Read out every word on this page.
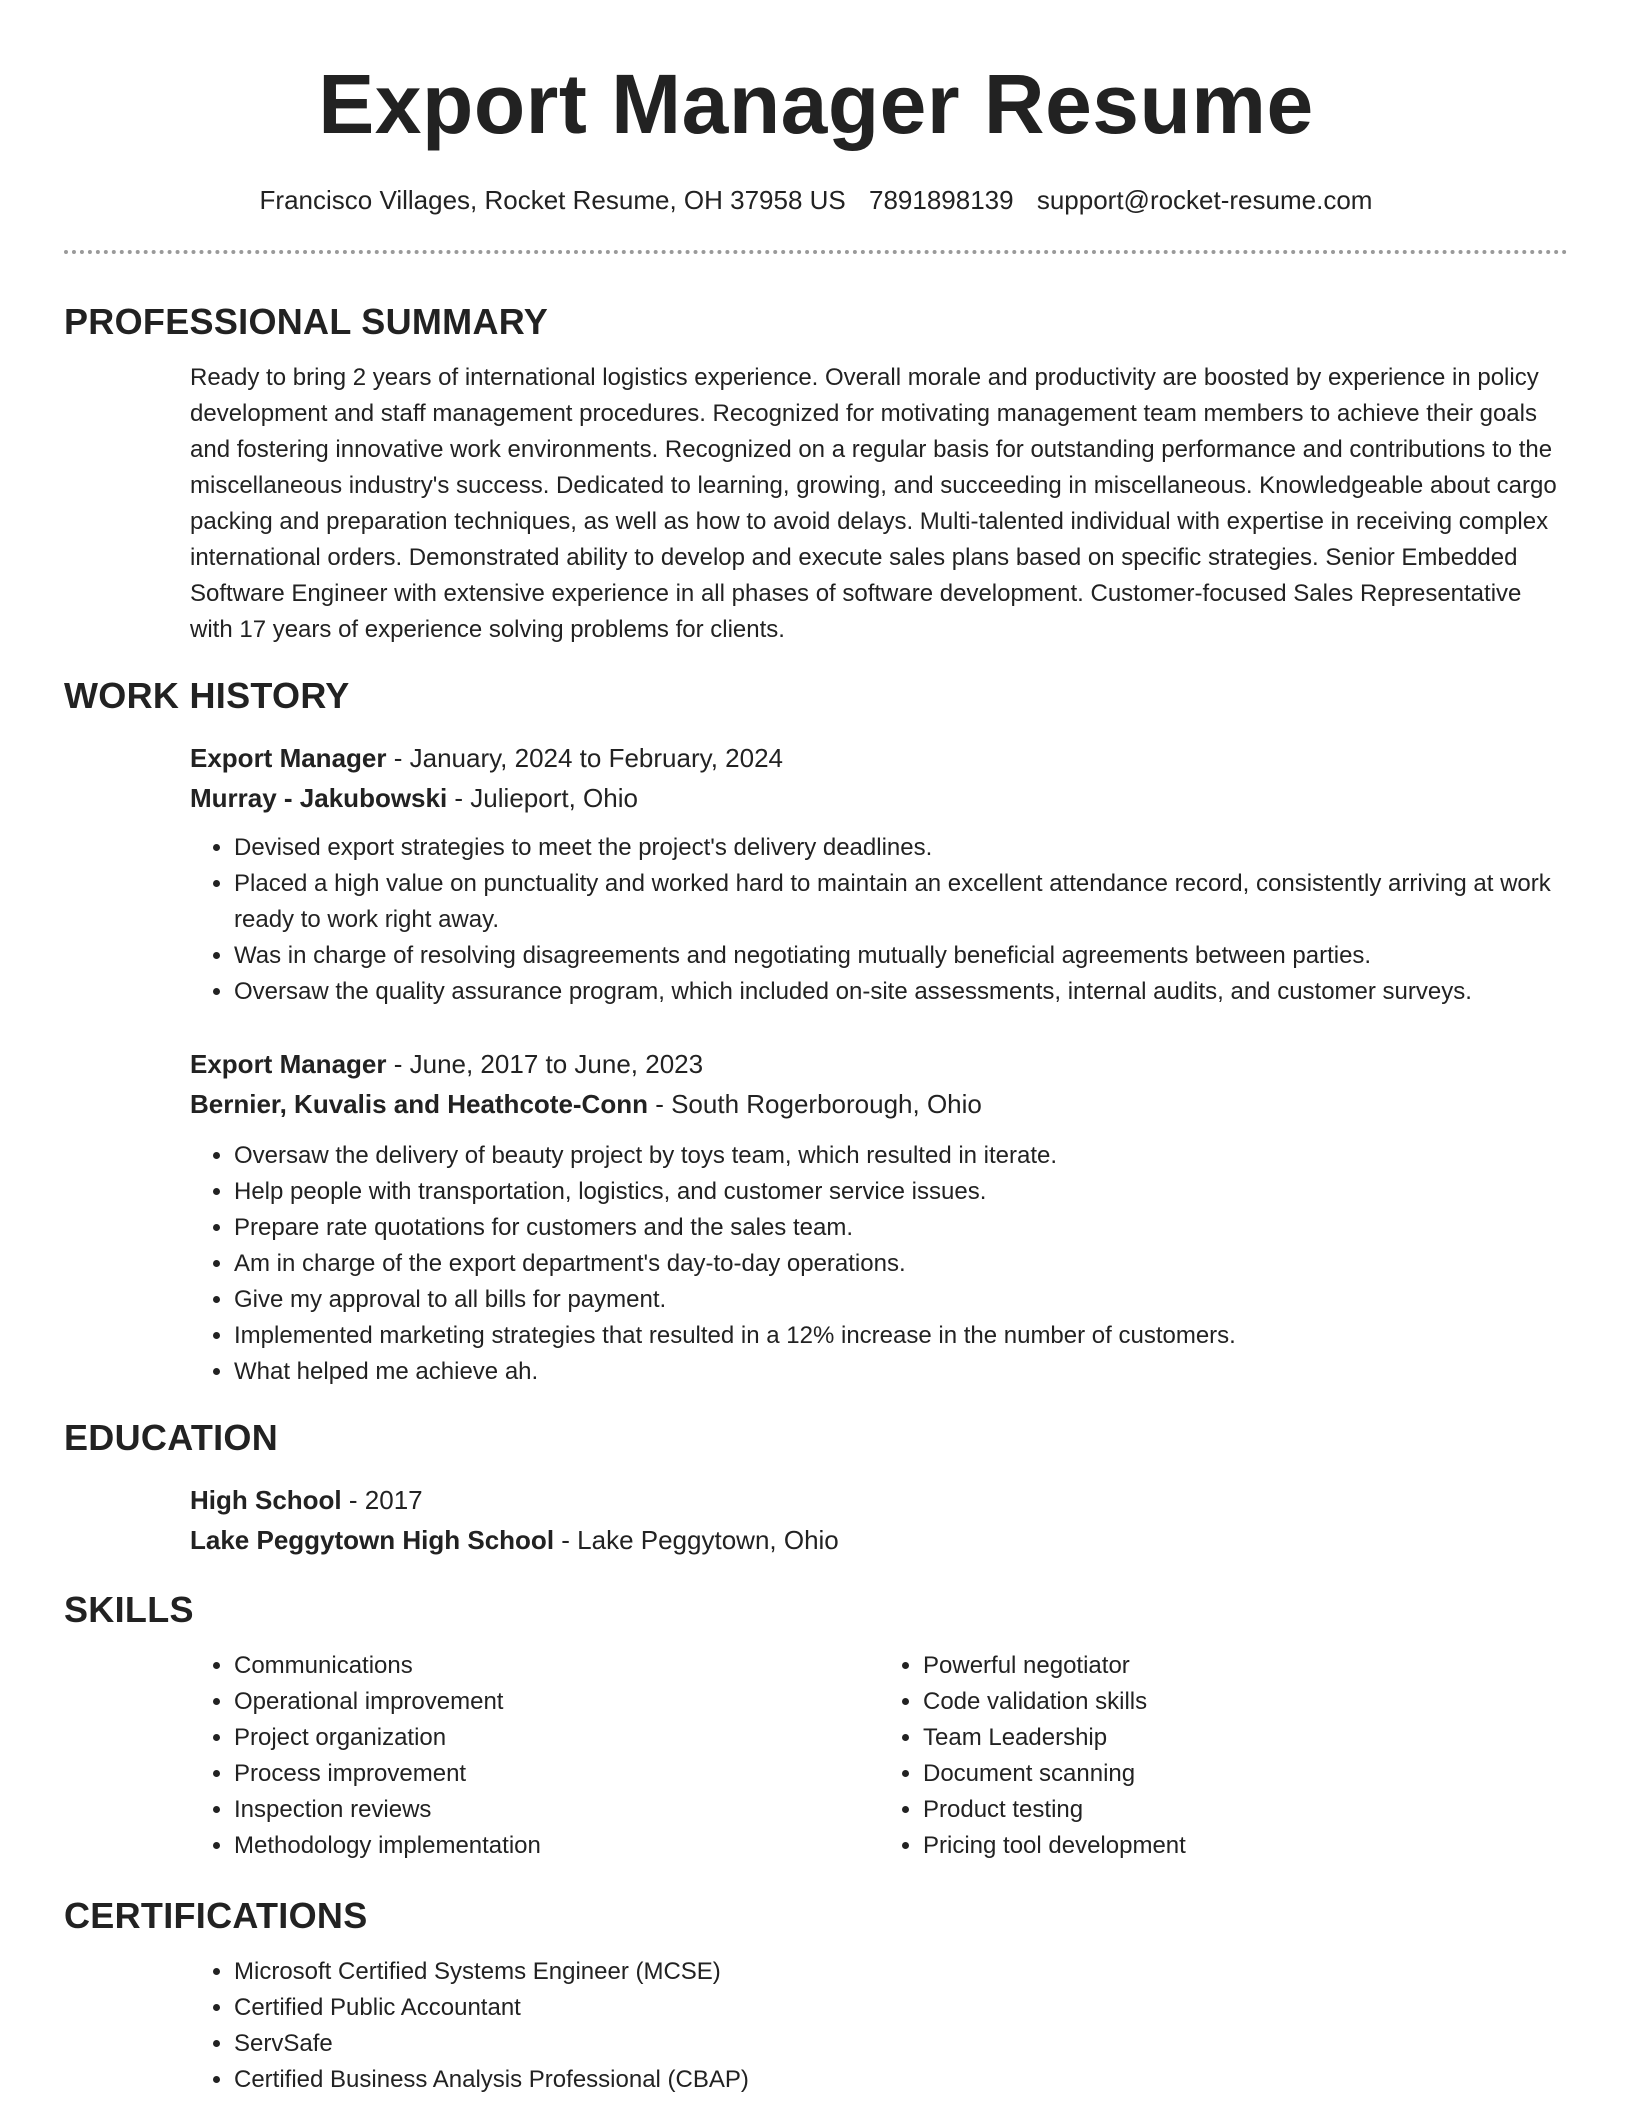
Export Manager Resume
Francisco Villages, Rocket Resume, OH 37958 US 7891898139 support@rocket-resume.com
PROFESSIONAL SUMMARY

Ready to bring 2 years of international logistics experience. Overall morale and productivity are boosted by experience in policy development and staff management procedures. Recognized for motivating management team members to achieve their goals and fostering innovative work environments. Recognized on a regular basis for outstanding performance and contributions to the miscellaneous industry's success. Dedicated to learning, growing, and succeeding in miscellaneous. Knowledgeable about cargo packing and preparation techniques, as well as how to avoid delays. Multi-talented individual with expertise in receiving complex international orders. Demonstrated ability to develop and execute sales plans based on specific strategies. Senior Embedded Software Engineer with extensive experience in all phases of software development. Customer-focused Sales Representative with 17 years of experience solving problems for clients.

WORK HISTORY
Export Manager - January, 2024 to February, 2024
Murray - Jakubowski - Julieport, Ohio
• Devised export strategies to meet the project's delivery deadlines.
• Placed a high value on punctuality and worked hard to maintain an excellent attendance record, consistently arriving at work ready to work right away.
• Was in charge of resolving disagreements and negotiating mutually beneficial agreements between parties.
• Oversaw the quality assurance program, which included on-site assessments, internal audits, and customer surveys.
Export Manager - June, 2017 to June, 2023
Bernier, Kuvalis and Heathcote-Conn - South Rogerborough, Ohio
• Oversaw the delivery of beauty project by toys team, which resulted in iterate.
• Help people with transportation, logistics, and customer service issues.
• Prepare rate quotations for customers and the sales team.
• Am in charge of the export department's day-to-day operations.
• Give my approval to all bills for payment.
• Implemented marketing strategies that resulted in a 12% increase in the number of customers.
• What helped me achieve ah.
EDUCATION
High School - 2017
Lake Peggytown High School - Lake Peggytown, Ohio
SKILLS
• Communications
• Operational improvement
• Project organization
• Process improvement
• Inspection reviews
• Methodology implementation
• Powerful negotiator
• Code validation skills
• Team Leadership
• Document scanning
• Product testing
• Pricing tool development
CERTIFICATIONS
• Microsoft Certified Systems Engineer (MCSE)
• Certified Public Accountant
• ServSafe
• Certified Business Analysis Professional (CBAP)
